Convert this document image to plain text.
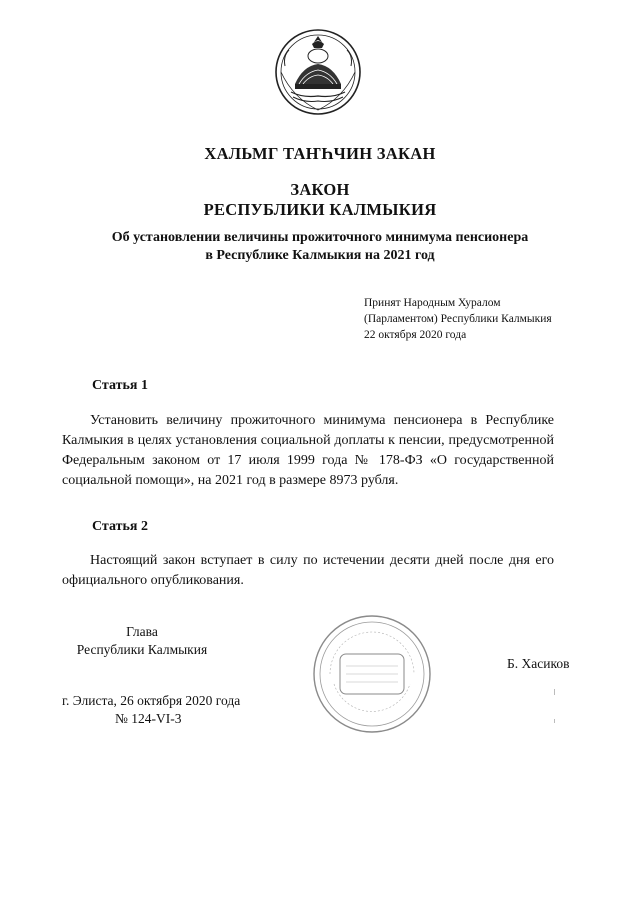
ХАЛЬМГ ТАҤҺЧИН ЗАКАН
ЗАКОН
РЕСПУБЛИКИ КАЛМЫКИЯ
Об установлении величины прожиточного минимума пенсионера
в Республике Калмыкия на 2021 год
Принят Народным Хуралом
(Парламентом) Республики Калмыкия
22 октября 2020 года
Статья 1
Установить величину прожиточного минимума пенсионера в Республике Калмыкия в целях установления социальной доплаты к пенсии, предусмотренной Федеральным законом от 17 июля 1999 года № 178-ФЗ «О государственной социальной помощи», на 2021 год в размере 8973 рубля.
Статья 2
Настоящий закон вступает в силу по истечении десяти дней после дня его официального опубликования.
Глава
Республики Калмыкия
Б. Хасиков
г. Элиста, 26 октября 2020 года
№ 124-VI-3
